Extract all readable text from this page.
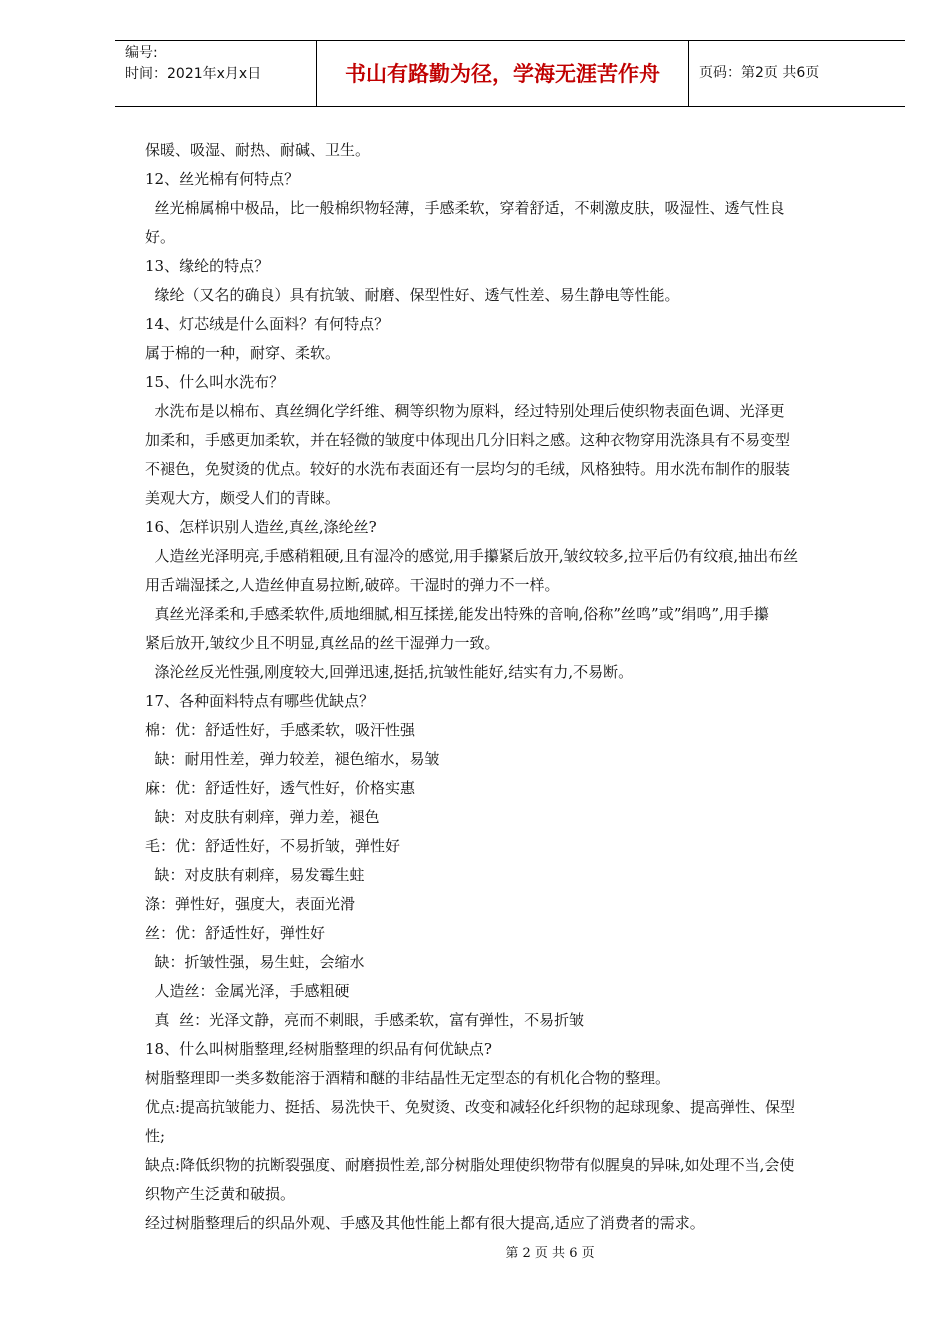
编号:
时间：2021年x月x日	书山有路勤为径，学海无涯苦作舟	页码：第2页 共6页

保暖、吸湿、耐热、耐碱、卫生。

12、丝光棉有何特点？

丝光棉属棉中极品，比一般棉织物轻薄，手感柔软，穿着舒适，不刺激皮肤，吸湿性、透气性良

好。

13、缘纶的特点？

缘纶（又名的确良）具有抗皱、耐磨、保型性好、透气性差、易生静电等性能。

14、灯芯绒是什么面料？有何特点？

属于棉的一种，耐穿、柔软。

15、什么叫水洗布？

水洗布是以棉布、真丝绸化学纤维、稠等织物为原料，经过特别处理后使织物表面色调、光泽更

加柔和，手感更加柔软，并在轻微的皱度中体现出几分旧料之感。这种衣物穿用洗涤具有不易变型

不褪色，免熨烫的优点。较好的水洗布表面还有一层均匀的毛绒，风格独特。用水洗布制作的服装

美观大方，颇受人们的青睐。

16、怎样识别人造丝,真丝,涤纶丝?

人造丝光泽明亮,手感稍粗硬,且有湿冷的感觉,用手攥紧后放开,皱纹较多,拉平后仍有纹痕,抽出布丝

用舌端湿揉之,人造丝伸直易拉断,破碎。干湿时的弹力不一样。

真丝光泽柔和,手感柔软件,质地细腻,相互揉搓,能发出特殊的音响,俗称”丝鸣”或”绢鸣”,用手攥

紧后放开,皱纹少且不明显,真丝品的丝干湿弹力一致。

涤沦丝反光性强,刚度较大,回弹迅速,挺括,抗皱性能好,结实有力,不易断。

17、各种面料特点有哪些优缺点？

棉：优：舒适性好，手感柔软，吸汗性强

缺：耐用性差，弹力较差，褪色缩水，易皱

麻：优：舒适性好，透气性好，价格实惠

缺：对皮肤有刺痒，弹力差，褪色

毛：优：舒适性好，不易折皱，弹性好

缺：对皮肤有刺痒，易发霉生蛀

涤：弹性好，强度大，表面光滑

丝：优：舒适性好，弹性好

缺：折皱性强，易生蛀，会缩水

人造丝：金属光泽，手感粗硬

真  丝：光泽文静，亮而不刺眼，手感柔软，富有弹性，不易折皱

18、什么叫树脂整理,经树脂整理的织品有何优缺点?

树脂整理即一类多数能溶于酒精和醚的非结晶性无定型态的有机化合物的整理。

优点:提高抗皱能力、挺括、易洗快干、免熨烫、改变和减轻化纤织物的起球现象、提高弹性、保型

性;

缺点:降低织物的抗断裂强度、耐磨损性差,部分树脂处理使织物带有似腥臭的异味,如处理不当,会使

织物产生泛黄和破损。

经过树脂整理后的织品外观、手感及其他性能上都有很大提高,适应了消费者的需求。

第 2 页 共 6 页
